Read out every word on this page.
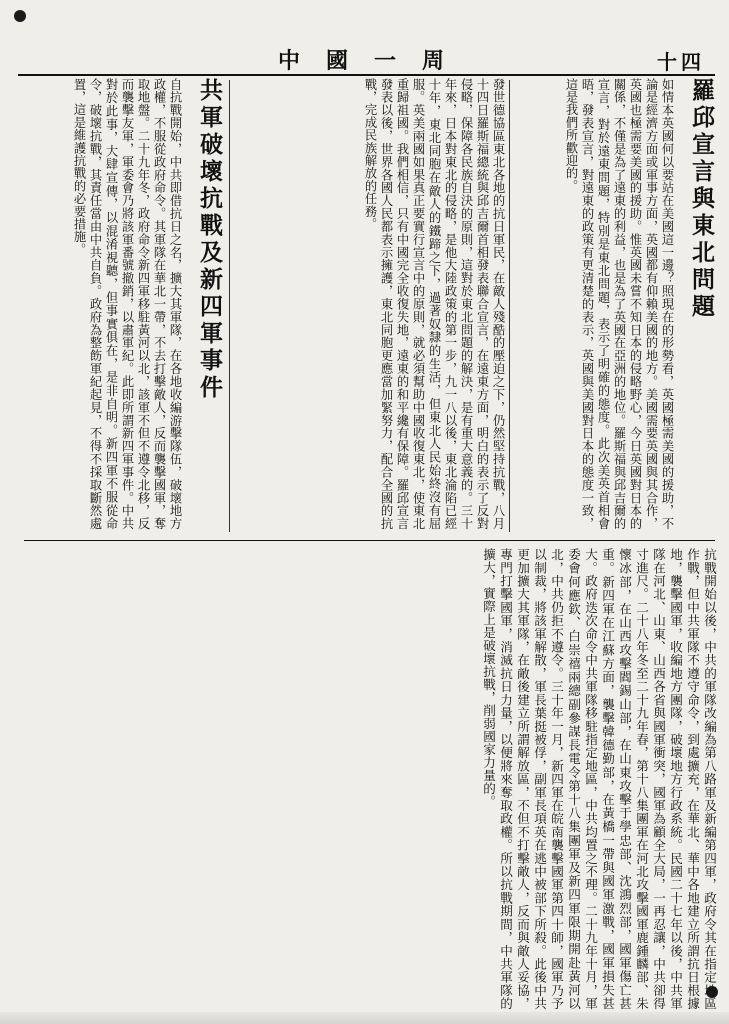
中國一周	十四
羅邱宣言與東北問題
如情本英國何以要站在美國這一邊？照現在的形勢看，英國極需美國的援助，不論是經濟方面或軍事方面，英國都有仰賴美國的地方。美國需要英國與其合作，英國也極需要美國的援助。惟英國未嘗不知日本的侵略野心，今日英國對日本的關係，不僅是為了遠東的利益，也是為了英國在亞洲的地位。羅斯福與邱吉爾的宣言，對於遠東問題，特別是東北問題，表示了明確的態度。此次美英首相會晤，發表宣言，對遠東的政策有更清楚的表示，英國與美國對日本的態度一致，這是我們所歡迎的。
發世德協區東北各地的抗日軍民，在敵人殘酷的壓迫之下，仍然堅持抗戰，八月十四日羅斯福總統與邱吉爾首相發表聯合宣言，在遠東方面，明白的表示了反對侵略，保障各民族自決的原則，這對於東北問題的解決，是有重大意義的。三十年來，日本對東北的侵略，是他大陸政策的第一步，九一八以後，東北淪陷已經十年，東北同胞在敵人的鐵蹄之下，過著奴隸的生活，但東北人民始終沒有屈服。英美兩國如果真正要實行宣言中的原則，就必須幫助中國收復東北，使東北重歸祖國。我們相信，只有中國完全收復失地，遠東的和平纔有保障。羅邱宣言發表以後，世界各國人民都表示擁護，東北同胞更應當加緊努力，配合全國的抗戰，完成民族解放的任務。
共軍破壞抗戰及新四軍事件
自抗戰開始，中共即借抗日之名，擴大其軍隊，在各地收編游擊隊伍，破壞地方政權，不服從政府命令。其軍隊在華北一帶，不去打擊敵人，反而襲擊國軍，奪取地盤。二十九年冬，政府命令新四軍移駐黃河以北，該軍不但不遵令北移，反而襲擊友軍，軍委會乃將該軍番號撤銷，以肅軍紀。此即所謂新四軍事件。中共對於此事，大肆宣傳，以混淆視聽，但事實俱在，是非自明。新四軍不服從命令，破壞抗戰，其責任當由中共自負。政府為整飭軍紀起見，不得不採取斷然處置，這是維護抗戰的必要措施。
抗戰開始以後，中共的軍隊改編為第八路軍及新編第四軍，政府令其在指定地區作戰，但中共軍隊不遵守命令，到處擴充，在華北、華中各地建立所謂抗日根據地，襲擊國軍，收編地方團隊，破壞地方行政系統。民國二十七年以後，中共軍隊在河北、山東、山西各省與國軍衝突，國軍為顧全大局，一再忍讓，中共卻得寸進尺。二十八年冬至二十九年春，第十八集團軍在河北攻擊國軍鹿鍾麟部、朱懷冰部，在山西攻擊閻錫山部，在山東攻擊于學忠部、沈鴻烈部，國軍傷亡甚重。新四軍在江蘇方面，襲擊韓德勤部，在黃橋一帶與國軍激戰，國軍損失甚大。政府迭次命令中共軍隊移駐指定地區，中共均置之不理。二十九年十月，軍委會何應欽、白崇禧兩總副參謀長電令第十八集團軍及新四軍限期開赴黃河以北，中共仍拒不遵令。三十年一月，新四軍在皖南襲擊國軍第四十師，國軍乃予以制裁，將該軍解散，軍長葉挺被俘，副軍長項英在逃中被部下所殺。此後中共更加擴大其軍隊，在敵後建立所謂解放區，不但不打擊敵人，反而與敵人妥協，專門打擊國軍，消滅抗日力量，以便將來奪取政權。所以抗戰期間，中共軍隊的擴大，實際上是破壞抗戰，削弱國家力量的。
